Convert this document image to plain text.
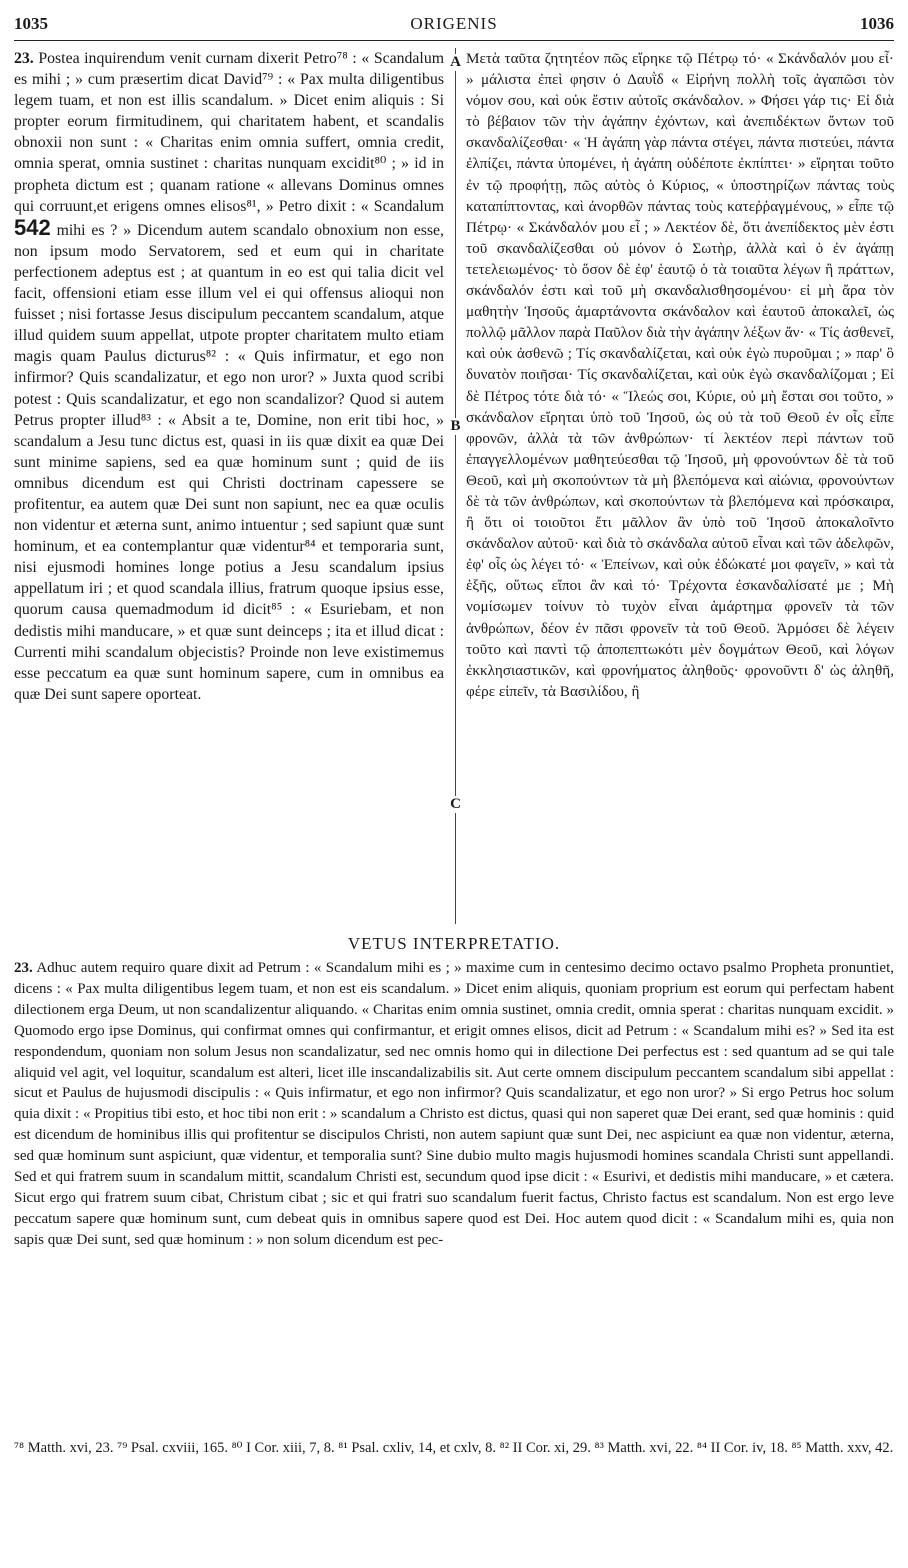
1035	ORIGENIS	1036

23. Postea inquirendum venit curnam dixerit Petro⁷⁸ : « Scandalum es mihi ; » cum præsertim dicat David⁷⁹ : « Pax multa diligentibus legem tuam, et non est illis scandalum. » Dicet enim aliquis : Si propter eorum firmitudinem, qui charitatem habent, et scandalis obnoxii non sunt : « Charitas enim omnia suffert, omnia credit, omnia sperat, omnia sustinet : charitas nunquam excidit⁸⁰ ; » id in propheta dictum est ; quanam ratione « allevans Dominus omnes qui corruunt,et erigens omnes elisos⁸¹, » Petro dixit : « Scandalum 542 mihi es ? » Dicendum autem scandalo obnoxium non esse, non ipsum modo Servatorem, sed et eum qui in charitate perfectionem adeptus est ; at quantum in eo est qui talia dicit vel facit, offensioni etiam esse illum vel ei qui offensus alioqui non fuisset ; nisi fortasse Jesus discipulum peccantem scandalum, atque illud quidem suum appellat, utpote propter charitatem multo etiam magis quam Paulus dicturus⁸² : « Quis infirmatur, et ego non infirmor? Quis scandalizatur, et ego non uror? » Juxta quod scribi potest : Quis scandalizatur, et ego non scandalizor? Quod si autem Petrus propter illud⁸³ : « Absit a te, Domine, non erit tibi hoc, » scandalum a Jesu tunc dictus est, quasi in iis quæ dixit ea quæ Dei sunt minime sapiens, sed ea quæ hominum sunt ; quid de iis omnibus dicendum est qui Christi doctrinam capessere se profitentur, ea autem quæ Dei sunt non sapiunt, nec ea quæ oculis non videntur et æterna sunt, animo intuentur ; sed sapiunt quæ sunt hominum, et ea contemplantur quæ videntur⁸⁴ et temporaria sunt, nisi ejusmodi homines longe potius a Jesu scandalum ipsius appellatum iri ; et quod scandala illius, fratrum quoque ipsius esse, quorum causa quemadmodum id dicit⁸⁵ : « Esuriebam, et non dedistis mihi manducare, » et quæ sunt deinceps ; ita et illud dicat : Currenti mihi scandalum objecistis? Proinde non leve existimemus esse peccatum ea quæ sunt hominum sapere, cum in omnibus ea quæ Dei sunt sapere oporteat.

A
B
C

Μετὰ ταῦτα ζητητέον πῶς εἴρηκε τῷ Πέτρῳ τό· « Σκάνδαλόν μου εἶ· » μάλιστα ἐπεὶ φησιν ὁ Δαυῒδ « Εἰρήνη πολλὴ τοῖς ἀγαπῶσι τὸν νόμον σου, καὶ οὐκ ἔστιν αὐτοῖς σκάνδαλον. » Φήσει γάρ τις· Εἰ διὰ τὸ βέβαιον τῶν τὴν ἀγάπην ἐχόντων, καὶ ἀνεπιδέκτων ὄντων τοῦ σκανδαλίζεσθαι· « Ἡ ἀγάπη γὰρ πάντα στέγει, πάντα πιστεύει, πάντα ἐλπίζει, πάντα ὑπομένει, ἡ ἀγάπη οὐδέποτε ἐκπίπτει· » εἴρηται τοῦτο ἐν τῷ προφήτῃ, πῶς αὐτὸς ὁ Κύριος, « ὑποστηρίζων πάντας τοὺς καταπίπτοντας, καὶ ἀνορθῶν πάντας τοὺς κατεῤῥαγμένους, » εἶπε τῷ Πέτρῳ· « Σκάνδαλόν μου εἶ ; » Λεκτέον δὲ, ὅτι ἀνεπίδεκτος μὲν ἐστι τοῦ σκανδαλίζεσθαι οὐ μόνον ὁ Σωτὴρ, ἀλλὰ καὶ ὁ ἐν ἀγάπῃ τετελειωμένος· τὸ ὅσον δὲ ἐφ' ἑαυτῷ ὁ τὰ τοιαῦτα λέγων ἢ πράττων, σκάνδαλόν ἐστι καὶ τοῦ μὴ σκανδαλισθησομένου· εἰ μὴ ἄρα τὸν μαθητὴν Ἰησοῦς ἁμαρτάνοντα σκάνδαλον καὶ ἑαυτοῦ ἀποκαλεῖ, ὡς πολλῷ μᾶλλον παρὰ Παῦλον διὰ τὴν ἀγάπην λέξων ἄν· « Τίς ἀσθενεῖ, καὶ οὐκ ἀσθενῶ ; Τίς σκανδαλίζεται, καὶ οὐκ ἐγὼ πυροῦμαι ; » παρ' ὃ δυνατὸν ποιῆσαι· Τίς σκανδαλίζεται, καὶ οὐκ ἐγὼ σκανδαλίζομαι ; Εἰ δὲ Πέτρος τότε διὰ τό· « Ἵλεώς σοι, Κύριε, οὐ μὴ ἔσται σοι τοῦτο, » σκάνδαλον εἴρηται ὑπὸ τοῦ Ἰησοῦ, ὡς οὐ τὰ τοῦ Θεοῦ ἐν οἷς εἶπε φρονῶν, ἀλλὰ τὰ τῶν ἀνθρώπων· τί λεκτέον περὶ πάντων τοῦ ἐπαγγελλομένων μαθητεύεσθαι τῷ Ἰησοῦ, μὴ φρονούντων δὲ τὰ τοῦ Θεοῦ, καὶ μὴ σκοπούντων τὰ μὴ βλεπόμενα καὶ αἰώνια, φρονούντων δὲ τὰ τῶν ἀνθρώπων, καὶ σκοπούντων τὰ βλεπόμενα καὶ πρόσκαιρα, ἢ ὅτι οἱ τοιοῦτοι ἔτι μᾶλλον ἂν ὑπὸ τοῦ Ἰησοῦ ἀποκαλοῖντο σκάνδαλον αὐτοῦ· καὶ διὰ τὸ σκάνδαλα αὐτοῦ εἶναι καὶ τῶν ἀδελφῶν, ἐφ' οἷς ὡς λέγει τό· « Ἐπείνων, καὶ οὐκ ἐδώκατέ μοι φαγεῖν, » καὶ τὰ ἑξῆς, οὕτως εἴποι ἂν καὶ τό· Τρέχοντα ἐσκανδαλίσατέ με ; Μὴ νομίσωμεν τοίνυν τὸ τυχὸν εἶναι ἁμάρτημα φρονεῖν τὰ τῶν ἀνθρώπων, δέον ἐν πᾶσι φρονεῖν τὰ τοῦ Θεοῦ. Ἁρμόσει δὲ λέγειν τοῦτο καὶ παντὶ τῷ ἀποπεπτωκότι μὲν δογμάτων Θεοῦ, καὶ λόγων ἐκκλησιαστικῶν, καὶ φρονήματος ἀληθοῦς· φρονοῦντι δ' ὡς ἀληθῆ, φέρε εἰπεῖν, τὰ Βασιλίδου, ἢ

VETUS INTERPRETATIO.

23. Adhuc autem requiro quare dixit ad Petrum : « Scandalum mihi es ; » maxime cum in centesimo decimo octavo psalmo Propheta pronuntiet, dicens : « Pax multa diligentibus legem tuam, et non est eis scandalum. » Dicet enim aliquis, quoniam proprium est eorum qui perfectam habent dilectionem erga Deum, ut non scandalizentur aliquando. « Charitas enim omnia sustinet, omnia credit, omnia sperat : charitas nunquam excidit. » Quomodo ergo ipse Dominus, qui confirmat omnes qui confirmantur, et erigit omnes elisos, dicit ad Petrum : « Scandalum mihi es? » Sed ita est respondendum, quoniam non solum Jesus non scandalizatur, sed nec omnis homo qui in dilectione Dei perfectus est : sed quantum ad se qui tale aliquid vel agit, vel loquitur, scandalum est alteri, licet ille inscandalizabilis sit. Aut certe omnem discipulum peccantem scandalum sibi appellat : sicut et Paulus de hujusmodi discipulis : « Quis infirmatur, et ego non infirmor? Quis scandalizatur, et ego non uror? » Si ergo Petrus hoc solum quia dixit : « Propitius tibi esto, et hoc tibi non erit : » scandalum a Christo est dictus, quasi qui non saperet quæ Dei erant, sed quæ hominis : quid est dicendum de hominibus illis qui profitentur se discipulos Christi, non autem sapiunt quæ sunt Dei, nec aspiciunt ea quæ non videntur, æterna, sed quæ hominum sunt aspiciunt, quæ videntur, et temporalia sunt? Sine dubio multo magis hujusmodi homines scandala Christi sunt appellandi. Sed et qui fratrem suum in scandalum mittit, scandalum Christi est, secundum quod ipse dicit : « Esurivi, et dedistis mihi manducare, » et cætera. Sicut ergo qui fratrem suum cibat, Christum cibat ; sic et qui fratri suo scandalum fuerit factus, Christo factus est scandalum. Non est ergo leve peccatum sapere quæ hominum sunt, cum debeat quis in omnibus sapere quod est Dei. Hoc autem quod dicit : « Scandalum mihi es, quia non sapis quæ Dei sunt, sed quæ hominum : » non solum dicendum est pec-

⁷⁸ Matth. xvi, 23. ⁷⁹ Psal. cxviii, 165. ⁸⁰ I Cor. xiii, 7, 8. ⁸¹ Psal. cxliv, 14, et cxlv, 8. ⁸² II Cor. xi, 29. ⁸³ Matth. xvi, 22. ⁸⁴ II Cor. iv, 18. ⁸⁵ Matth. xxv, 42.
